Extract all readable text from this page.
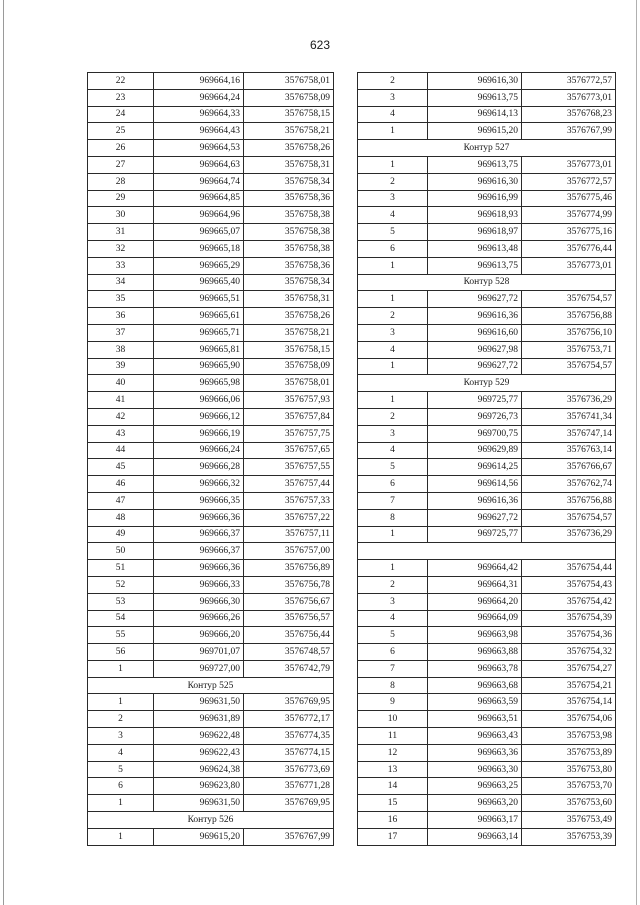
623
22	969664,16	3576758,01
23	969664,24	3576758,09
24	969664,33	3576758,15
25	969664,43	3576758,21
26	969664,53	3576758,26
27	969664,63	3576758,31
28	969664,74	3576758,34
29	969664,85	3576758,36
30	969664,96	3576758,38
31	969665,07	3576758,38
32	969665,18	3576758,38
33	969665,29	3576758,36
34	969665,40	3576758,34
35	969665,51	3576758,31
36	969665,61	3576758,26
37	969665,71	3576758,21
38	969665,81	3576758,15
39	969665,90	3576758,09
40	969665,98	3576758,01
41	969666,06	3576757,93
42	969666,12	3576757,84
43	969666,19	3576757,75
44	969666,24	3576757,65
45	969666,28	3576757,55
46	969666,32	3576757,44
47	969666,35	3576757,33
48	969666,36	3576757,22
49	969666,37	3576757,11
50	969666,37	3576757,00
51	969666,36	3576756,89
52	969666,33	3576756,78
53	969666,30	3576756,67
54	969666,26	3576756,57
55	969666,20	3576756,44
56	969701,07	3576748,57
1	969727,00	3576742,79
Контур 525		
1	969631,50	3576769,95
2	969631,89	3576772,17
3	969622,48	3576774,35
4	969622,43	3576774,15
5	969624,38	3576773,69
6	969623,80	3576771,28
1	969631,50	3576769,95
Контур 526		
1	969615,20	3576767,99
2	969616,30	3576772,57
3	969613,75	3576773,01
4	969614,13	3576768,23
1	969615,20	3576767,99
Контур 527		
1	969613,75	3576773,01
2	969616,30	3576772,57
3	969616,99	3576775,46
4	969618,93	3576774,99
5	969618,97	3576775,16
6	969613,48	3576776,44
1	969613,75	3576773,01
Контур 528		
1	969627,72	3576754,57
2	969616,36	3576756,88
3	969616,60	3576756,10
4	969627,98	3576753,71
1	969627,72	3576754,57
Контур 529		
1	969725,77	3576736,29
2	969726,73	3576741,34
3	969700,75	3576747,14
4	969629,89	3576763,14
5	969614,25	3576766,67
6	969614,56	3576762,74
7	969616,36	3576756,88
8	969627,72	3576754,57
1	969725,77	3576736,29

1	969664,42	3576754,44
2	969664,31	3576754,43
3	969664,20	3576754,42
4	969664,09	3576754,39
5	969663,98	3576754,36
6	969663,88	3576754,32
7	969663,78	3576754,27
8	969663,68	3576754,21
9	969663,59	3576754,14
10	969663,51	3576754,06
11	969663,43	3576753,98
12	969663,36	3576753,89
13	969663,30	3576753,80
14	969663,25	3576753,70
15	969663,20	3576753,60
16	969663,17	3576753,49
17	969663,14	3576753,39
